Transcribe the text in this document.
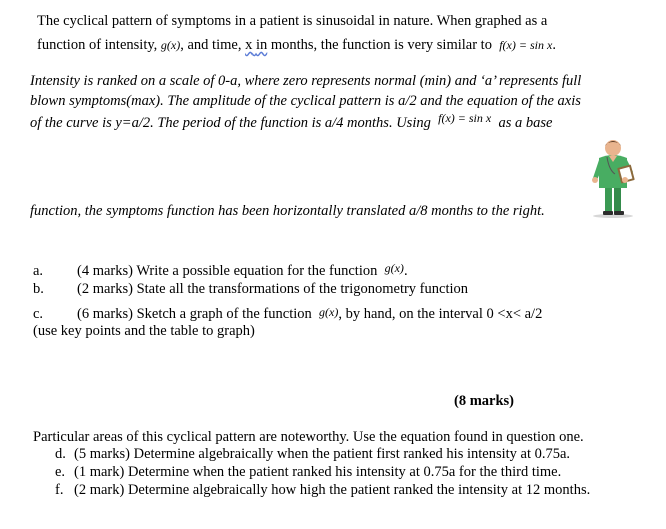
The cyclical pattern of symptoms in a patient is sinusoidal in nature. When graphed as a
function of intensity, g(x), and time, x in months, the function is very similar to f(x) = sin x.
Intensity is ranked on a scale of 0-a, where zero represents normal (min) and ‘a’ represents full
blown symptoms(max). The amplitude of the cyclical pattern is a/2 and the equation of the axis
of the curve is y=a/2. The period of the function is a/4 months. Using $^{f(x) = sin x}$ as a base
function, the symptoms function has been horizontally translated a/8 months to the right.
a. (4 marks) Write a possible equation for the function $^{g(x)}$.
b. (2 marks) State all the transformations of the trigonometry function
c. (6 marks) Sketch a graph of the function g(x), by hand, on the interval 0 <x< a/2
(use key points and the table to graph)
(8 marks)
Particular areas of this cyclical pattern are noteworthy. Use the equation found in question one.
d. (5 marks) Determine algebraically when the patient first ranked his intensity at 0.75a.
e. (1 mark) Determine when the patient ranked his intensity at 0.75a for the third time.
f. (2 mark) Determine algebraically how high the patient ranked the intensity at 12 months.
